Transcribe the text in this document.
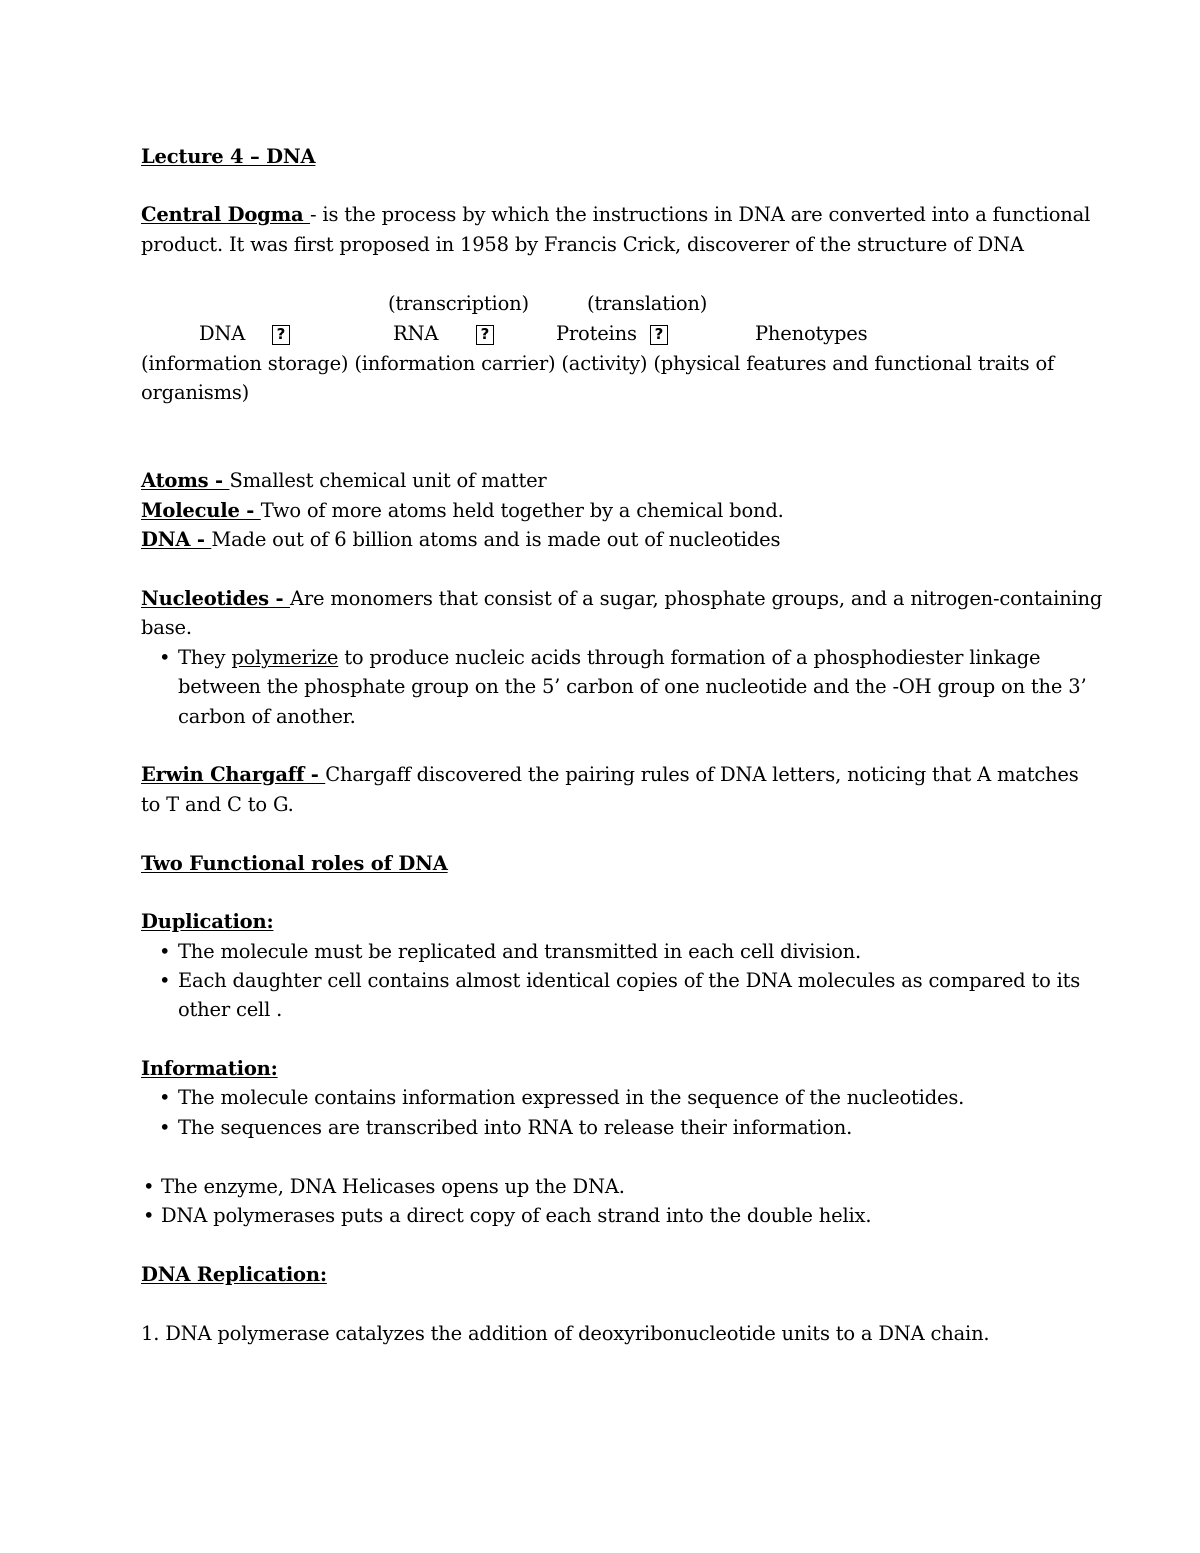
Lecture 4 – DNA
Central Dogma - is the process by which the instructions in DNA are converted into a functional
product. It was first proposed in 1958 by Francis Crick, discoverer of the structure of DNA
(transcription)	(translation)
DNA	?	RNA	?	Proteins	?	Phenotypes
(information storage) (information carrier) (activity) (physical features and functional traits of
organisms)
Atoms - Smallest chemical unit of matter
Molecule - Two of more atoms held together by a chemical bond.
DNA - Made out of 6 billion atoms and is made out of nucleotides
Nucleotides - Are monomers that consist of a sugar, phosphate groups, and a nitrogen-containing
base.
• They polymerize to produce nucleic acids through formation of a phosphodiester linkage
between the phosphate group on the 5’ carbon of one nucleotide and the -OH group on the 3’
carbon of another.
Erwin Chargaff - Chargaff discovered the pairing rules of DNA letters, noticing that A matches
to T and C to G.
Two Functional roles of DNA
Duplication:
• The molecule must be replicated and transmitted in each cell division.
• Each daughter cell contains almost identical copies of the DNA molecules as compared to its
other cell .
Information:
• The molecule contains information expressed in the sequence of the nucleotides.
• The sequences are transcribed into RNA to release their information.
• The enzyme, DNA Helicases opens up the DNA.
• DNA polymerases puts a direct copy of each strand into the double helix.
DNA Replication:
1. DNA polymerase catalyzes the addition of deoxyribonucleotide units to a DNA chain.
